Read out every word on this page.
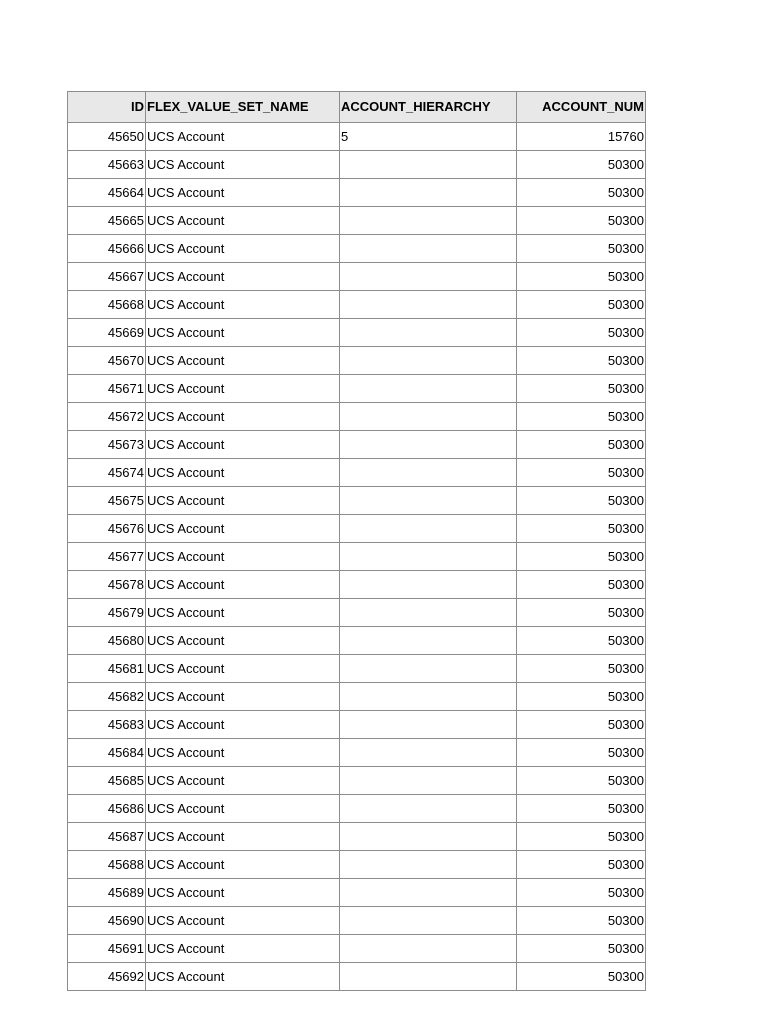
ID	FLEX_VALUE_SET_NAME	ACCOUNT_HIERARCHY	ACCOUNT_NUM
45650	UCS Account	5	15760
45663	UCS Account		50300
45664	UCS Account		50300
45665	UCS Account		50300
45666	UCS Account		50300
45667	UCS Account		50300
45668	UCS Account		50300
45669	UCS Account		50300
45670	UCS Account		50300
45671	UCS Account		50300
45672	UCS Account		50300
45673	UCS Account		50300
45674	UCS Account		50300
45675	UCS Account		50300
45676	UCS Account		50300
45677	UCS Account		50300
45678	UCS Account		50300
45679	UCS Account		50300
45680	UCS Account		50300
45681	UCS Account		50300
45682	UCS Account		50300
45683	UCS Account		50300
45684	UCS Account		50300
45685	UCS Account		50300
45686	UCS Account		50300
45687	UCS Account		50300
45688	UCS Account		50300
45689	UCS Account		50300
45690	UCS Account		50300
45691	UCS Account		50300
45692	UCS Account		50300
